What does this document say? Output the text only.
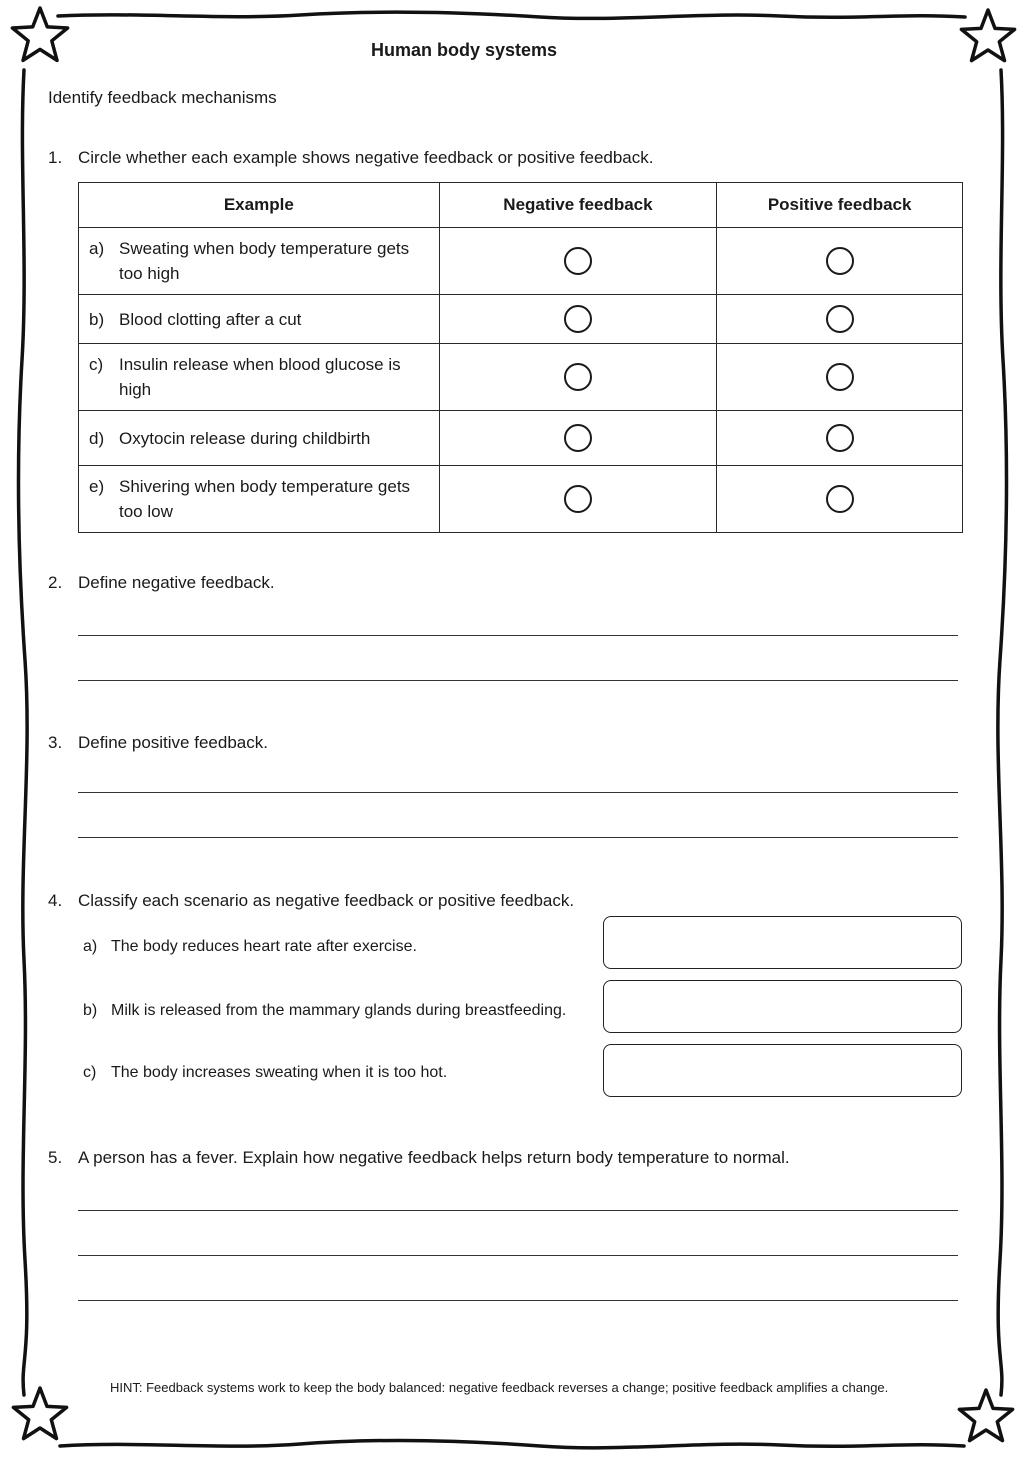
Human body systems
Identify feedback mechanisms
1. Circle whether each example shows negative feedback or positive feedback.
Example	Negative feedback	Positive feedback

a) Sweating when body temperature gets too high		

b) Blood clotting after a cut		

c) Insulin release when blood glucose is high		

d) Oxytocin release during childbirth		

e) Shivering when body temperature gets too low		

2. Define negative feedback.
3. Define positive feedback.
4. Classify each scenario as negative feedback or positive feedback.
a) The body reduces heart rate after exercise.
b) Milk is released from the mammary glands during breastfeeding.
c) The body increases sweating when it is too hot.
5. A person has a fever. Explain how negative feedback helps return body temperature to normal.
HINT: Feedback systems work to keep the body balanced: negative feedback reverses a change; positive feedback amplifies a change.
